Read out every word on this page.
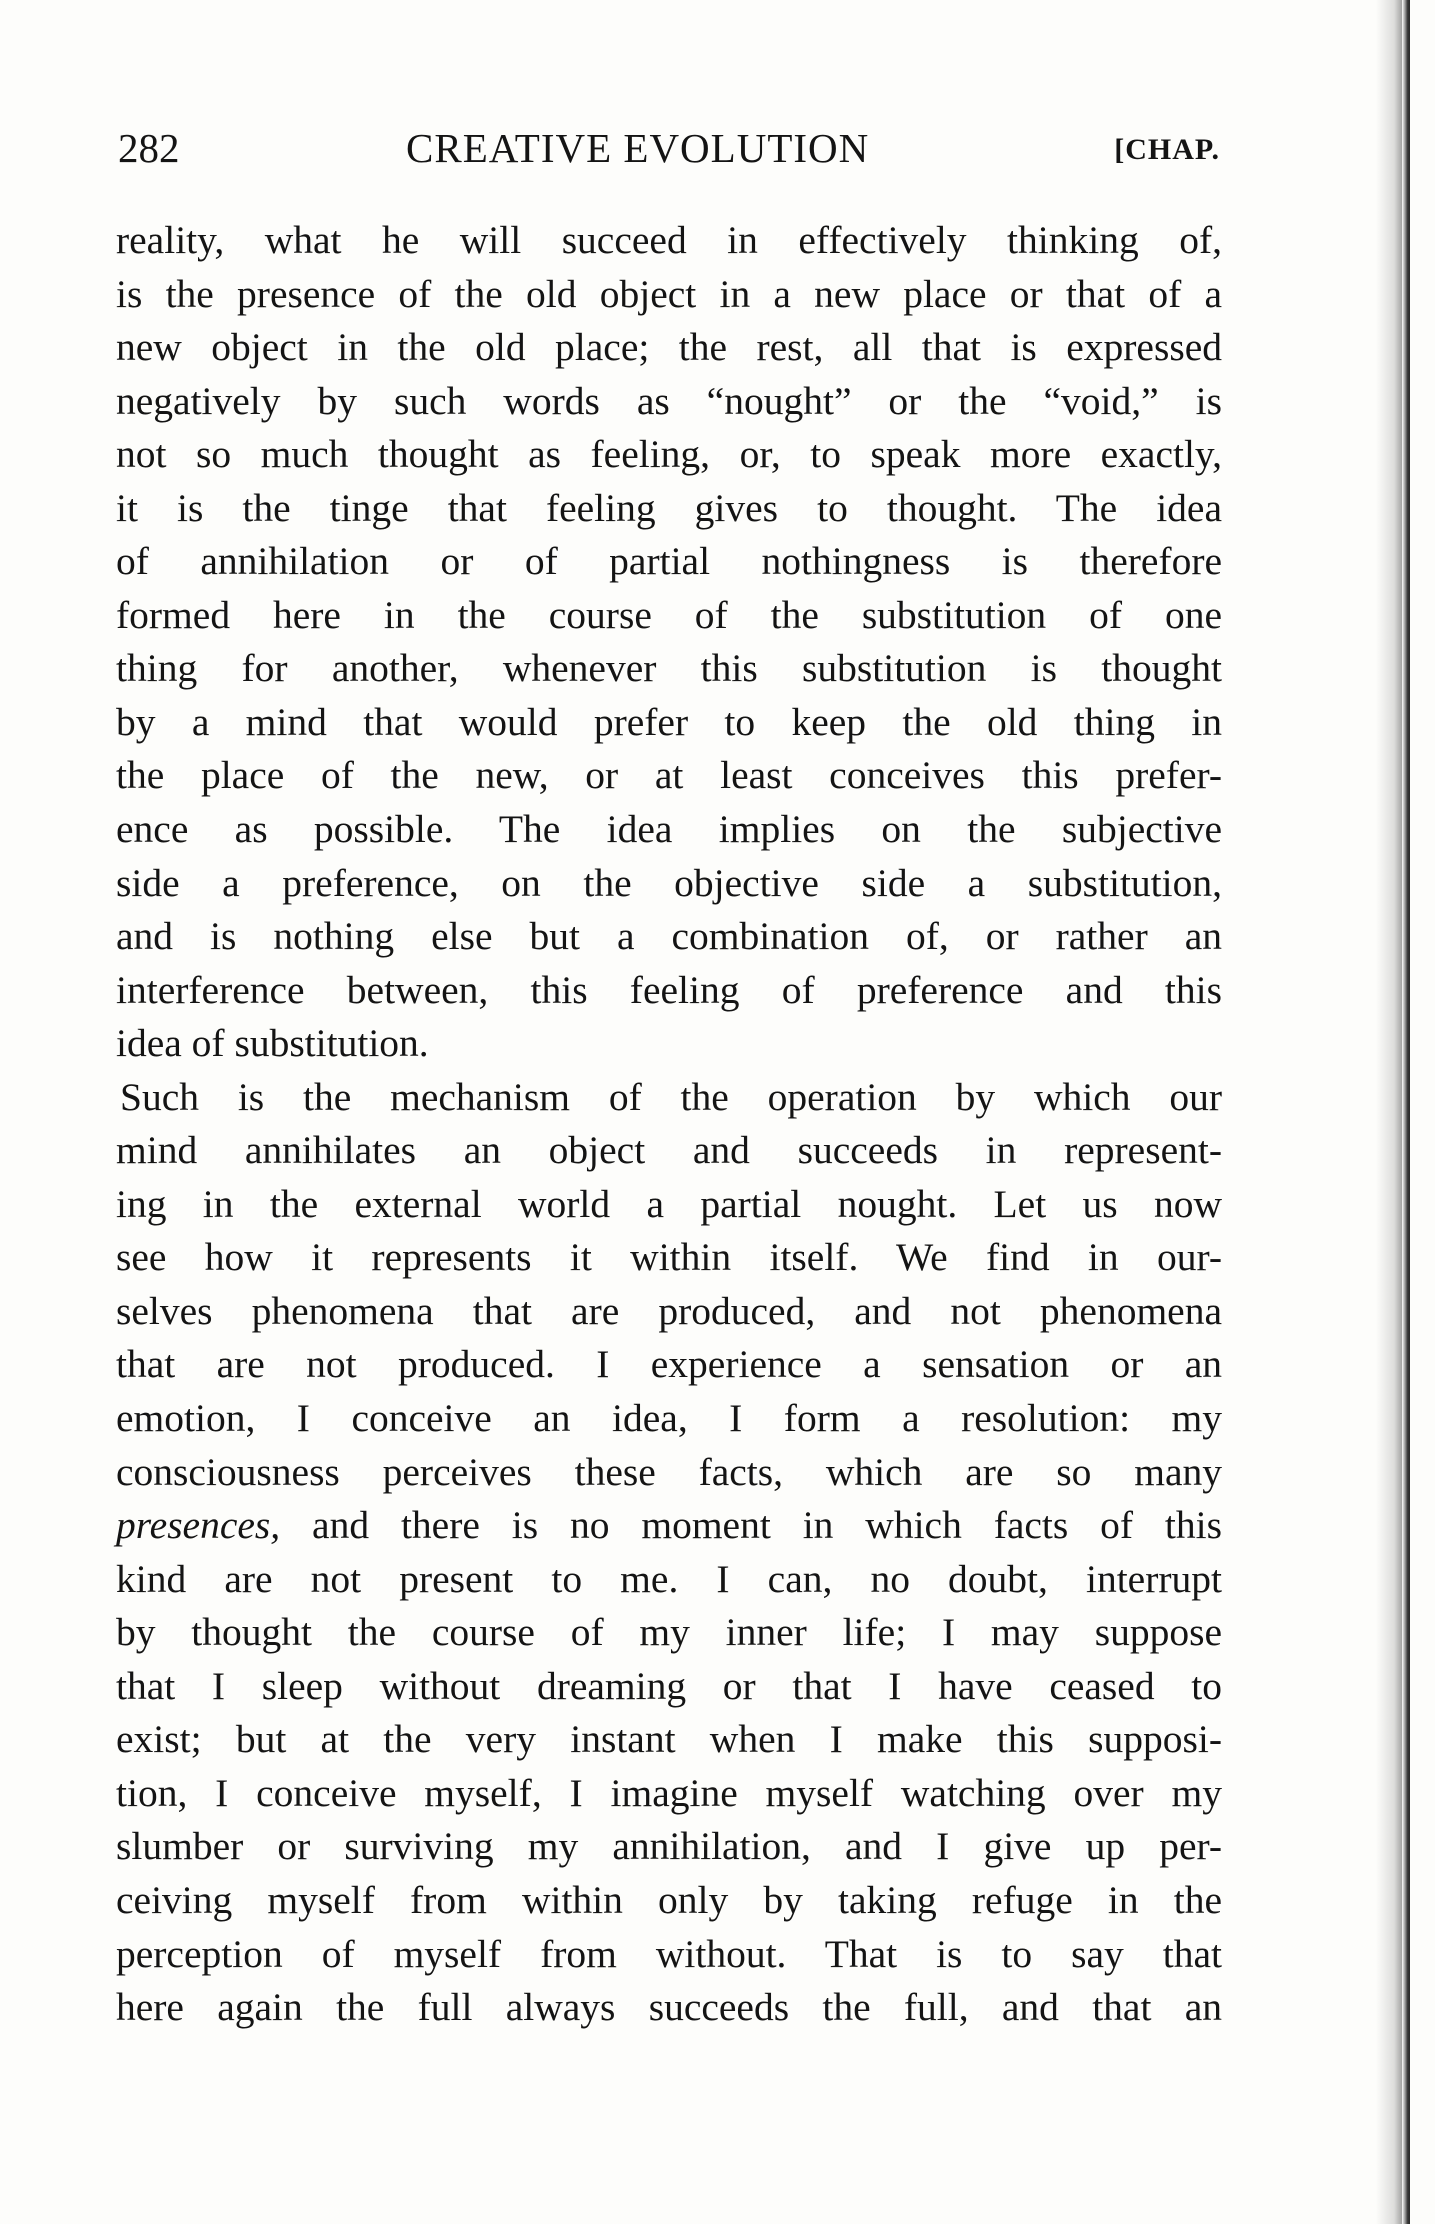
282	CREATIVE EVOLUTION	[CHAP.
reality, what he will succeed in effectively thinking of,
is the presence of the old object in a new place or that of a
new object in the old place; the rest, all that is expressed
negatively by such words as “nought” or the “void,” is
not so much thought as feeling, or, to speak more exactly,
it is the tinge that feeling gives to thought. The idea
of annihilation or of partial nothingness is therefore
formed here in the course of the substitution of one
thing for another, whenever this substitution is thought
by a mind that would prefer to keep the old thing in
the place of the new, or at least conceives this prefer-
ence as possible. The idea implies on the subjective
side a preference, on the objective side a substitution,
and is nothing else but a combination of, or rather an
interference between, this feeling of preference and this
idea of substitution.
Such is the mechanism of the operation by which our
mind annihilates an object and succeeds in represent-
ing in the external world a partial nought. Let us now
see how it represents it within itself. We find in our-
selves phenomena that are produced, and not phenomena
that are not produced. I experience a sensation or an
emotion, I conceive an idea, I form a resolution: my
consciousness perceives these facts, which are so many
presences, and there is no moment in which facts of this
kind are not present to me. I can, no doubt, interrupt
by thought the course of my inner life; I may suppose
that I sleep without dreaming or that I have ceased to
exist; but at the very instant when I make this supposi-
tion, I conceive myself, I imagine myself watching over my
slumber or surviving my annihilation, and I give up per-
ceiving myself from within only by taking refuge in the
perception of myself from without. That is to say that
here again the full always succeeds the full, and that an
